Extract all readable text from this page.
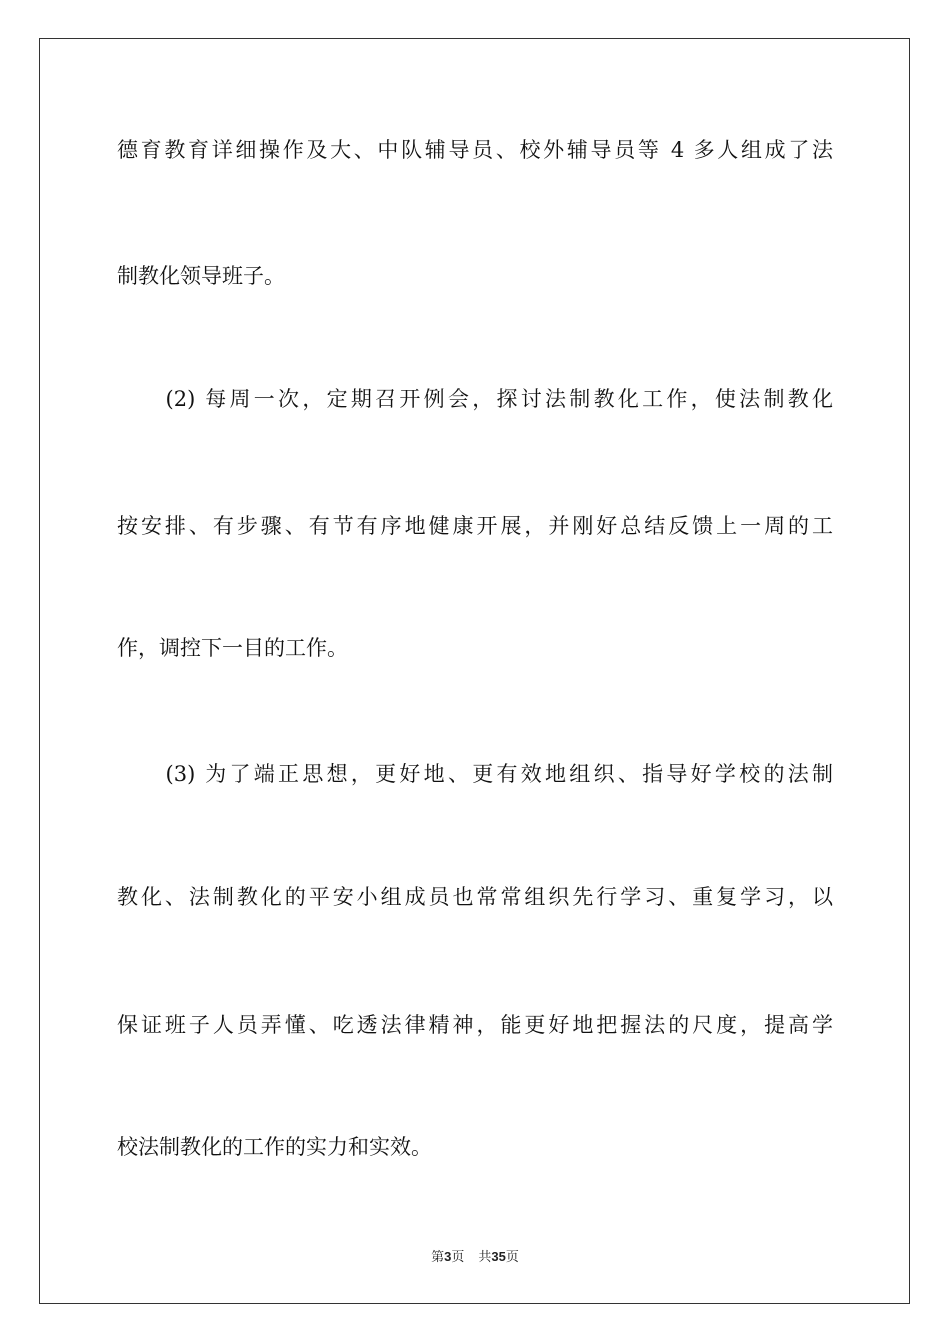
德育教育详细操作及大、中队辅导员、校外辅导员等 4 多人组成了法
制教化领导班子。
　　(2) 每周一次，定期召开例会，探讨法制教化工作，使法制教化
按安排、有步骤、有节有序地健康开展，并刚好总结反馈上一周的工
作，调控下一目的工作。
　　(3) 为了端正思想，更好地、更有效地组织、指导好学校的法制
教化、法制教化的平安小组成员也常常组织先行学习、重复学习，以
保证班子人员弄懂、吃透法律精神，能更好地把握法的尺度，提高学
校法制教化的工作的实力和实效。
第3页 共35页
